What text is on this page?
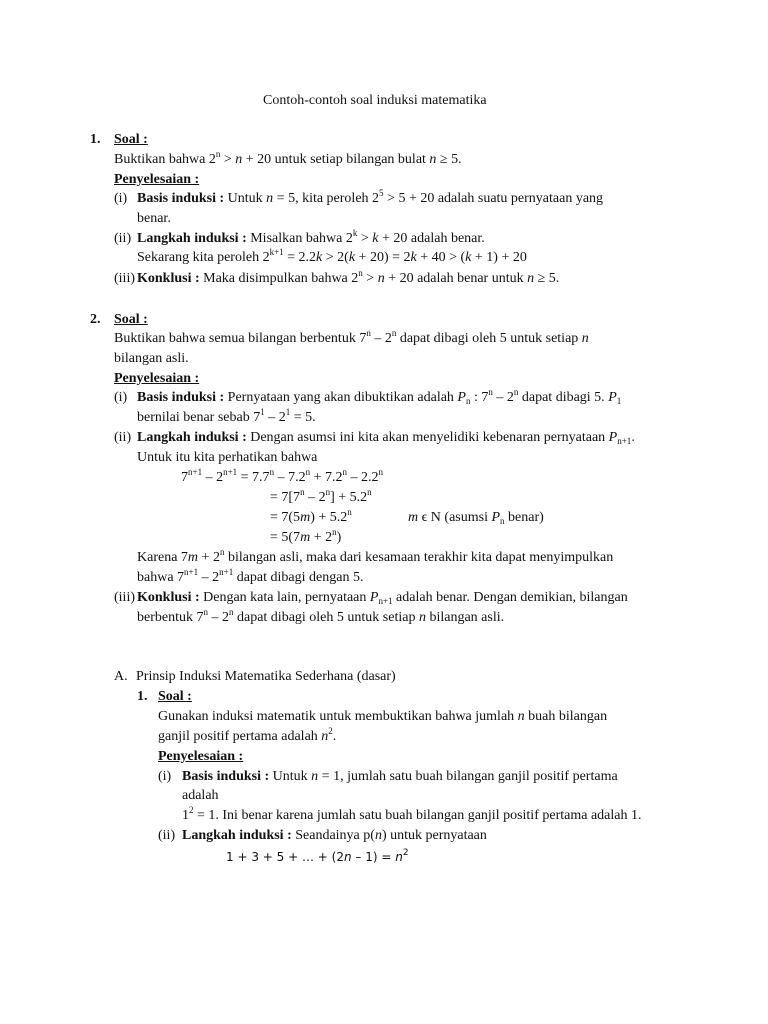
Contoh-contoh soal induksi matematika
1. Soal :
Buktikan bahwa $2^n > n + 20$ untuk setiap bilangan bulat n ≥ 5.
Penyelesaian :
(i) Basis induksi : Untuk n = 5, kita peroleh $2^5 > 5 + 20$ adalah suatu pernyataan yang
benar.
(ii) Langkah induksi : Misalkan bahwa $2^k > k + 20$ adalah benar.
Sekarang kita peroleh $2^{k+1} = 2.2k > 2(k + 20) = 2k + 40 > (k + 1) + 20$
(iii) Konklusi : Maka disimpulkan bahwa $2^n > n + 20$ adalah benar untuk n ≥ 5.
2. Soal :
Buktikan bahwa semua bilangan berbentuk 7$^n$ – 2$^n$ dapat dibagi oleh 5 untuk setiap n
bilangan asli.
Penyelesaian :
(i) Basis induksi : Pernyataan yang akan dibuktikan adalah $P_n$ : 7$^n$ – 2$^n$ dapat dibagi 5. $P_1$
bernilai benar sebab $7^1 - 2^1 = 5$.
(ii) Langkah induksi : Dengan asumsi ini kita akan menyelidiki kebenaran pernyataan $P_{n+1}$.
Untuk itu kita perhatikan bahwa
$7^{n+1} - 2^{n+1} = 7.7^n - 7.2^n + 7.2^n - 2.2^n$
= $7[7^n - 2^n] + 5.2^n$
= $7(5m) + 5.2^n$	m ϵ N (asumsi $P_n$ benar)
= $5(7m + 2^n)$
Karena $7m + 2^n$ bilangan asli, maka dari kesamaan terakhir kita dapat menyimpulkan
bahwa $7^{n+1} - 2^{n+1}$ dapat dibagi dengan 5.
(iii) Konklusi : Dengan kata lain, pernyataan $P_{n+1}$ adalah benar. Dengan demikian, bilangan
berbentuk 7$^n$ – 2$^n$ dapat dibagi oleh 5 untuk setiap n bilangan asli.
A. Prinsip Induksi Matematika Sederhana (dasar)
1. Soal :
Gunakan induksi matematik untuk membuktikan bahwa jumlah n buah bilangan
ganjil positif pertama adalah $n^2$.
Penyelesaian :
(i) Basis induksi : Untuk n = 1, jumlah satu buah bilangan ganjil positif pertama
adalah
$1^2 = 1$. Ini benar karena jumlah satu buah bilangan ganjil positif pertama adalah 1.
(ii) Langkah induksi : Seandainya p(n) untuk pernyataan
1 + 3 + 5 + … + $(2n - 1) = n^2$
